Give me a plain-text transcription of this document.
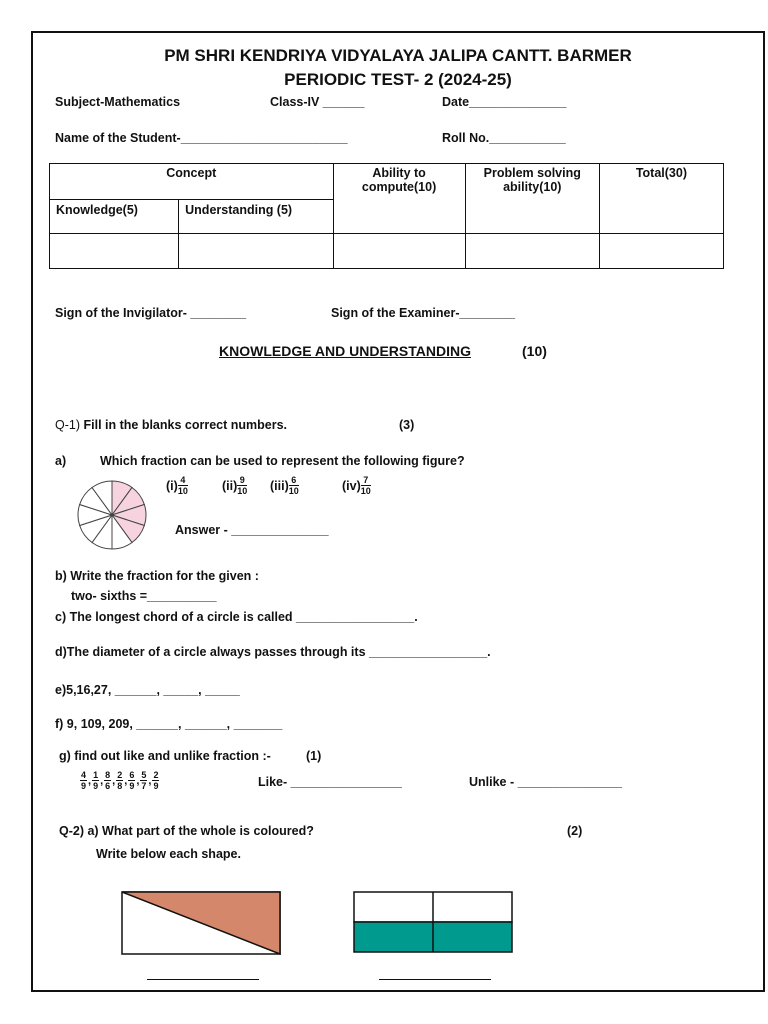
PM SHRI KENDRIYA VIDYALAYA JALIPA CANTT. BARMER
PERIODIC TEST- 2 (2024-25)
Subject-Mathematics	Class-IV ______	Date______________
Name of the Student-________________________	Roll No.___________
Concept		Ability to compute(10)	Problem solving ability(10)	Total(30)
Knowledge(5)	Understanding (5)			

Sign of the Invigilator- ________	Sign of the Examiner-________
KNOWLEDGE AND UNDERSTANDING	(10)
Q-1) Fill in the blanks correct numbers.	(3)
a)	Which fraction can be used to represent the following figure?
$(i) \frac{4}{10}$	$(ii) \frac{9}{10} (iii) \frac{6}{10}$	$(iv) \frac{7}{10}$
Answer - ______________
b) Write the fraction for the given :
two- sixths =__________
c) The longest chord of a circle is called _________________.
d)The diameter of a circle always passes through its _________________.
e)5,16,27, ______, _____, _____
f) 9, 109, 209, ______, ______, _______
g) find out like and unlike fraction :-	(1)
$\frac{4}{9}$ , $\frac{1}{9}$ , $\frac{8}{6}$ , $\frac{2}{8}$ , $\frac{6}{9}$ , $\frac{5}{7}$ , $\frac{2}{9}$	Like- ________________	Unlike - _______________
Q-2) a) What part of the whole is coloured?	(2)
Write below each shape.
